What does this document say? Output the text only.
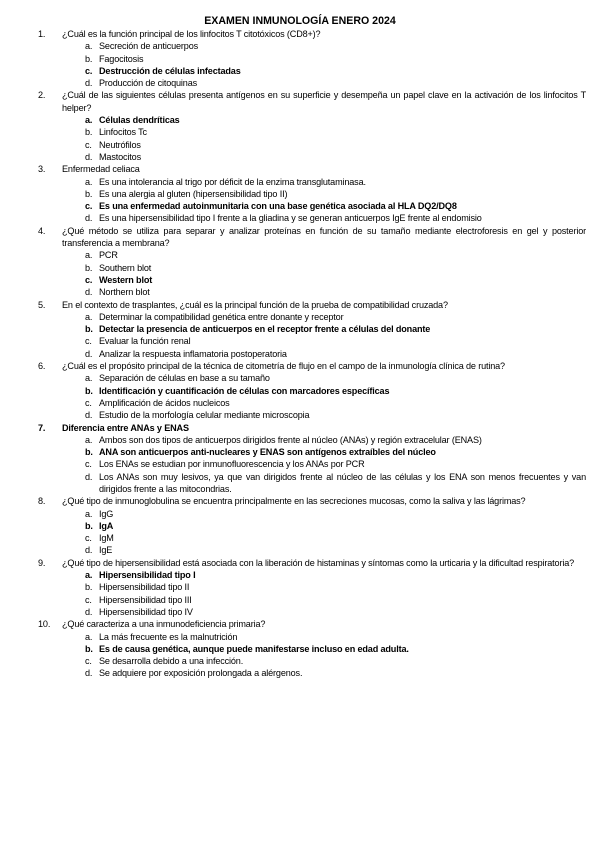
EXAMEN INMUNOLOGÍA ENERO 2024
1. ¿Cuál es la función principal de los linfocitos T citotóxicos (CD8+)?
a. Secreción de anticuerpos
b. Fagocitosis
c. Destrucción de células infectadas
d. Producción de citoquinas
2. ¿Cuál de las siguientes células presenta antígenos en su superficie y desempeña un papel clave en la activación de los linfocitos T helper?
a. Células dendríticas
b. Linfocitos Tc
c. Neutrófilos
d. Mastocitos
3. Enfermedad celiaca
a. Es una intolerancia al trigo por déficit de la enzima transglutaminasa.
b. Es una alergia al gluten (hipersensibilidad tipo II)
c. Es una enfermedad autoinmunitaria con una base genética asociada al HLA DQ2/DQ8
d. Es una hipersensibilidad tipo I frente a la gliadina y se generan anticuerpos IgE frente al endomisio
4. ¿Qué método se utiliza para separar y analizar proteínas en función de su tamaño mediante electroforesis en gel y posterior transferencia a membrana?
a. PCR
b. Southern blot
c. Western blot
d. Northern blot
5. En el contexto de trasplantes, ¿cuál es la principal función de la prueba de compatibilidad cruzada?
a. Determinar la compatibilidad genética entre donante y receptor
b. Detectar la presencia de anticuerpos en el receptor frente a células del donante
c. Evaluar la función renal
d. Analizar la respuesta inflamatoria postoperatoria
6. ¿Cuál es el propósito principal de la técnica de citometría de flujo en el campo de la inmunología clínica de rutina?
a. Separación de células en base a su tamaño
b. Identificación y cuantificación de células con marcadores específicas
c. Amplificación de ácidos nucleicos
d. Estudio de la morfología celular mediante microscopia
7. Diferencia entre ANAs y ENAS
a. Ambos son dos tipos de anticuerpos dirigidos frente al núcleo (ANAs) y región extracelular (ENAS)
b. ANA son anticuerpos anti-nucleares y ENAS son antígenos extraíbles del núcleo
c. Los ENAs se estudian por inmunofluorescencia y los ANAs por PCR
d. Los ANAs son muy lesivos, ya que van dirigidos frente al núcleo de las células y los ENA son menos frecuentes y van dirigidos frente a las mitocondrias.
8. ¿Qué tipo de inmunoglobulina se encuentra principalmente en las secreciones mucosas, como la saliva y las lágrimas?
a. IgG
b. IgA
c. IgM
d. IgE
9. ¿Qué tipo de hipersensibilidad está asociada con la liberación de histaminas y síntomas como la urticaria y la dificultad respiratoria?
a. Hipersensibilidad tipo I
b. Hipersensibilidad tipo II
c. Hipersensibilidad tipo III
d. Hipersensibilidad tipo IV
10. ¿Qué caracteriza a una inmunodeficiencia primaria?
a. La más frecuente es la malnutrición
b. Es de causa genética, aunque puede manifestarse incluso en edad adulta.
c. Se desarrolla debido a una infección.
d. Se adquiere por exposición prolongada a alérgenos.
